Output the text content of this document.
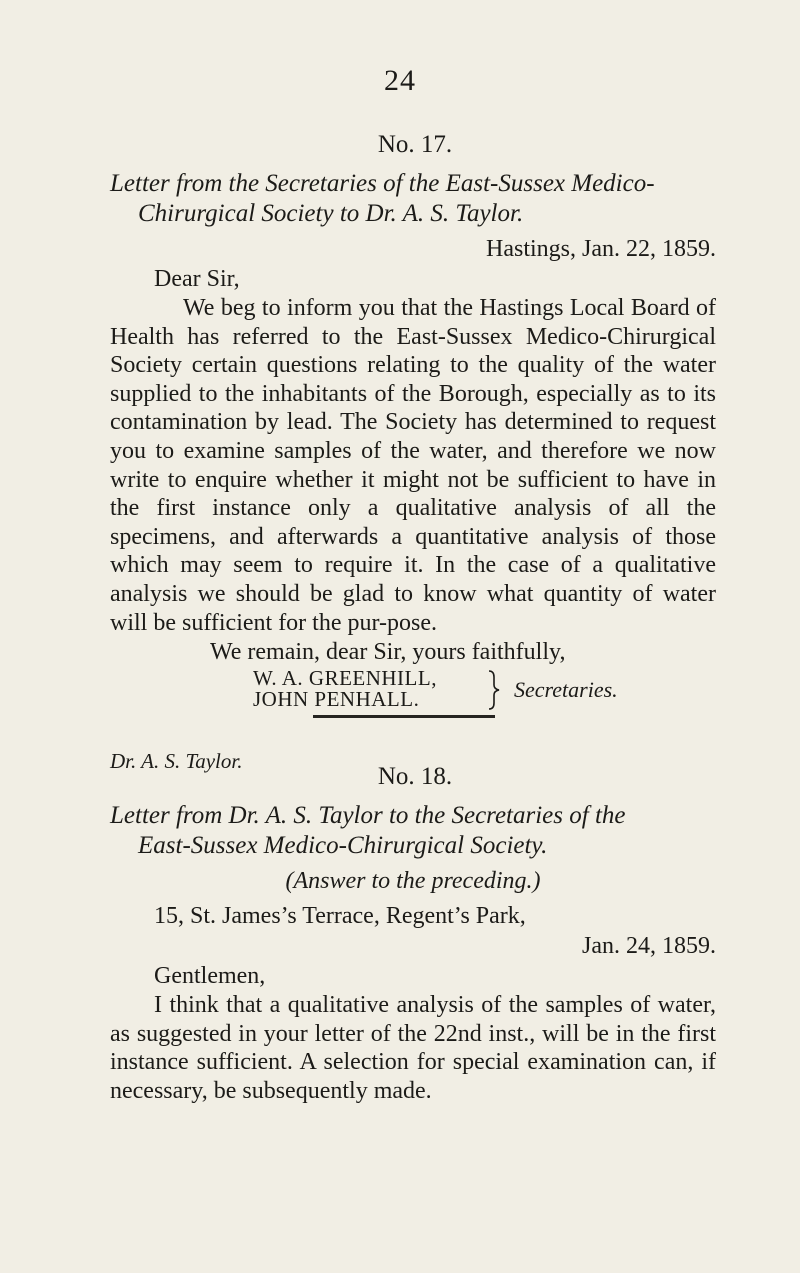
24
No. 17.
Letter from the Secretaries of the East-Sussex Medico-
Chirurgical Society to Dr. A. S. Taylor.
Hastings, Jan. 22, 1859.
Dear Sir,

We beg to inform you that the Hastings Local Board of Health has referred to the East-Sussex Medico-Chirurgical Society certain questions relating to the quality of the water supplied to the inhabitants of the Borough, especially as to its contamination by lead. The Society has determined to request you to examine samples of the water, and therefore we now write to enquire whether it might not be sufficient to have in the first instance only a qualitative analysis of all the specimens, and afterwards a quantitative analysis of those which may seem to require it. In the case of a qualitative analysis we should be glad to know what quantity of water will be sufficient for the pur-pose.

We remain, dear Sir, yours faithfully,
W. A. GREENHILL,
JOHN PENHALL.	Secretaries.
Dr. A. S. Taylor.
No. 18.
Letter from Dr. A. S. Taylor to the Secretaries of the
East-Sussex Medico-Chirurgical Society.
(Answer to the preceding.)
15, St. James’s Terrace, Regent’s Park,
Jan. 24, 1859.
Gentlemen,

I think that a qualitative analysis of the samples of water, as suggested in your letter of the 22nd inst., will be in the first instance sufficient. A selection for special examination can, if necessary, be subsequently made.
